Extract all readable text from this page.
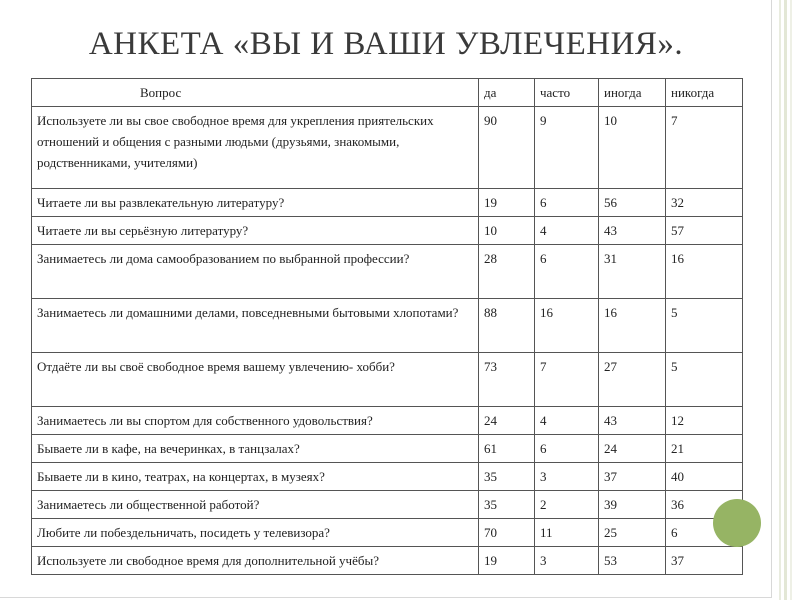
АНКЕТА «ВЫ И ВАШИ УВЛЕЧЕНИЯ».
Вопрос	да	часто	иногда	никогда
Используете ли вы свое свободное время для укрепления приятельских отношений и общения с разными людьми (друзьями, знакомыми, родственниками, учителями)	90	9	10	7
Читаете ли вы развлекательную литературу?	19	6	56	32
Читаете ли вы серьёзную литературу?	10	4	43	57
Занимаетесь ли дома самообразованием по выбранной профессии?	28	6	31	16
Занимаетесь ли домашними делами, повседневными бытовыми хлопотами?	88	16	16	5
Отдаёте ли вы своё свободное время вашему увлечению- хобби?	73	7	27	5
Занимаетесь ли вы спортом для собственного удовольствия?	24	4	43	12
Бываете ли в кафе, на вечеринках, в танцзалах?	61	6	24	21
Бываете ли в кино, театрах, на концертах, в музеях?	35	3	37	40
Занимаетесь ли общественной работой?	35	2	39	36
Любите ли побездельничать, посидеть у телевизора?	70	11	25	6
Используете ли свободное время для дополнительной учёбы?	19	3	53	37
